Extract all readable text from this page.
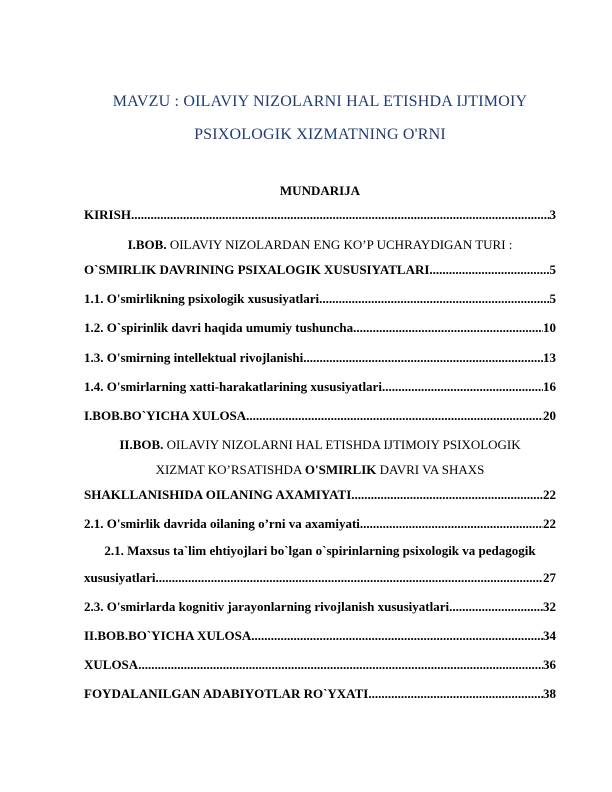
MAVZU : OILAVIY NIZOLARNI HAL ETISHDA IJTIMOIY
PSIXOLOGIK XIZMATNING O'RNI
MUNDARIJA
KIRISH .....	3
I.BOB. OILAVIY NIZOLARDAN ENG KO’P UCHRAYDIGAN TURI :
O`SMIRLIK DAVRINING PSIXALOGIK XUSUSIYATLARI .....	5
1.1. O'smirlikning psixologik xususiyatlari .....	5
1.2. O`spirinlik davri haqida umumiy tushuncha .....	10
1.3. O'smirning intellektual rivojlanishi .....	13
1.4. O'smirlarning xatti-harakatlarining xususiyatlari .....	16
I.BOB.BO`YICHA XULOSA .....	20
II.BOB. OILAVIY NIZOLARNI HAL ETISHDA IJTIMOIY PSIXOLOGIK
XIZMAT KO’RSATISHDA O'SMIRLIK DAVRI VA SHAXS
SHAKLLANISHIDA OILANING AXAMIYATI .....	22
2.1. O'smirlik davrida oilaning o’rni va axamiyati .....	22
2.1. Maxsus ta`lim ehtiyojlari bo`lgan o`spirinlarning psixologik va pedagogik
xususiyatlari .....	27
2.3. O'smirlarda kognitiv jarayonlarning rivojlanish xususiyatlari .....	32
II.BOB.BO`YICHA XULOSA .....	34
XULOSA .....	36
FOYDALANILGAN ADABIYOTLAR RO`YXATI .....	38
